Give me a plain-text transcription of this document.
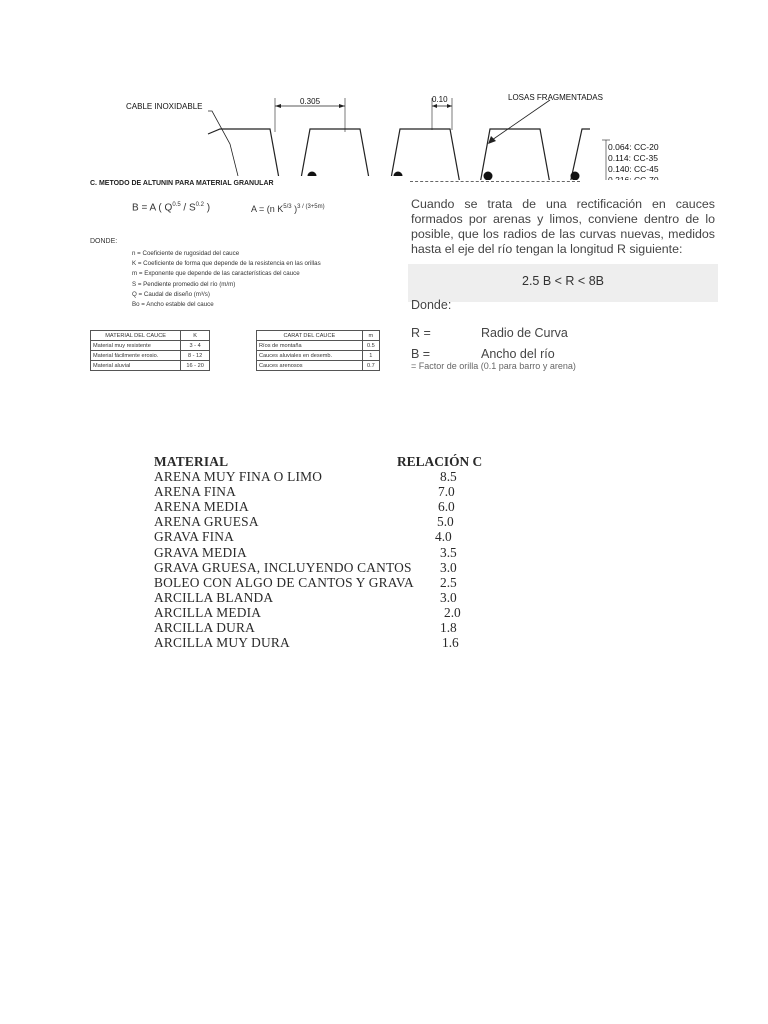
CABLE INOXIDABLE
0.305	0.10	LOSAS FRAGMENTADAS
0.064: CC-20
0.114: CC-35
0.140: CC-45
C. METODO DE ALTUNIN PARA MATERIAL GRANULAR
B = A ( $Q^{0.5} / S^{0.2}$ )	A = (n $K^{5/3}$ )$^{3 / (3+5m)}$
DONDE:
n = Coeficiente de rugosidad del cauce
K = Coeficiente de forma que depende de la resistencia en las orillas
m = Exponente que depende de las características del cauce
S = Pendiente promedio del río (m/m)
Q = Caudal de diseño (m³/s)
Bo = Ancho estable del cauce
MATERIAL DEL CAUCE	K
Material muy resistente	3 - 4
Material fácilmente erosio.	8 - 12
Material aluvial	16 - 20
CARAT DEL CAUCE	m
Ríos de montaña	0.5
Cauces aluviales en desemb.	1
Cauces arenosos	0.7
Cuando se trata de una rectificación en cauces formados por arenas y limos, conviene dentro de lo posible, que los radios de las curvas nuevas, medidos hasta el eje del río tengan la longitud R siguiente:
2.5 B < R < 8B
Donde:
R =	Radio de Curva
B =	Ancho del río
= Factor de orilla (0.1 para barro y arena)
MATERIAL	RELACIÓN C
ARENA MUY FINA O LIMO	8.5
ARENA FINA	7.0
ARENA MEDIA	6.0
ARENA GRUESA	5.0
GRAVA FINA	4.0
GRAVA MEDIA	3.5
GRAVA GRUESA, INCLUYENDO CANTOS 3.0
BOLEO CON ALGO DE CANTOS Y GRAVA 2.5
ARCILLA BLANDA	3.0
ARCILLA MEDIA	2.0
ARCILLA DURA	1.8
ARCILLA MUY DURA	1.6
